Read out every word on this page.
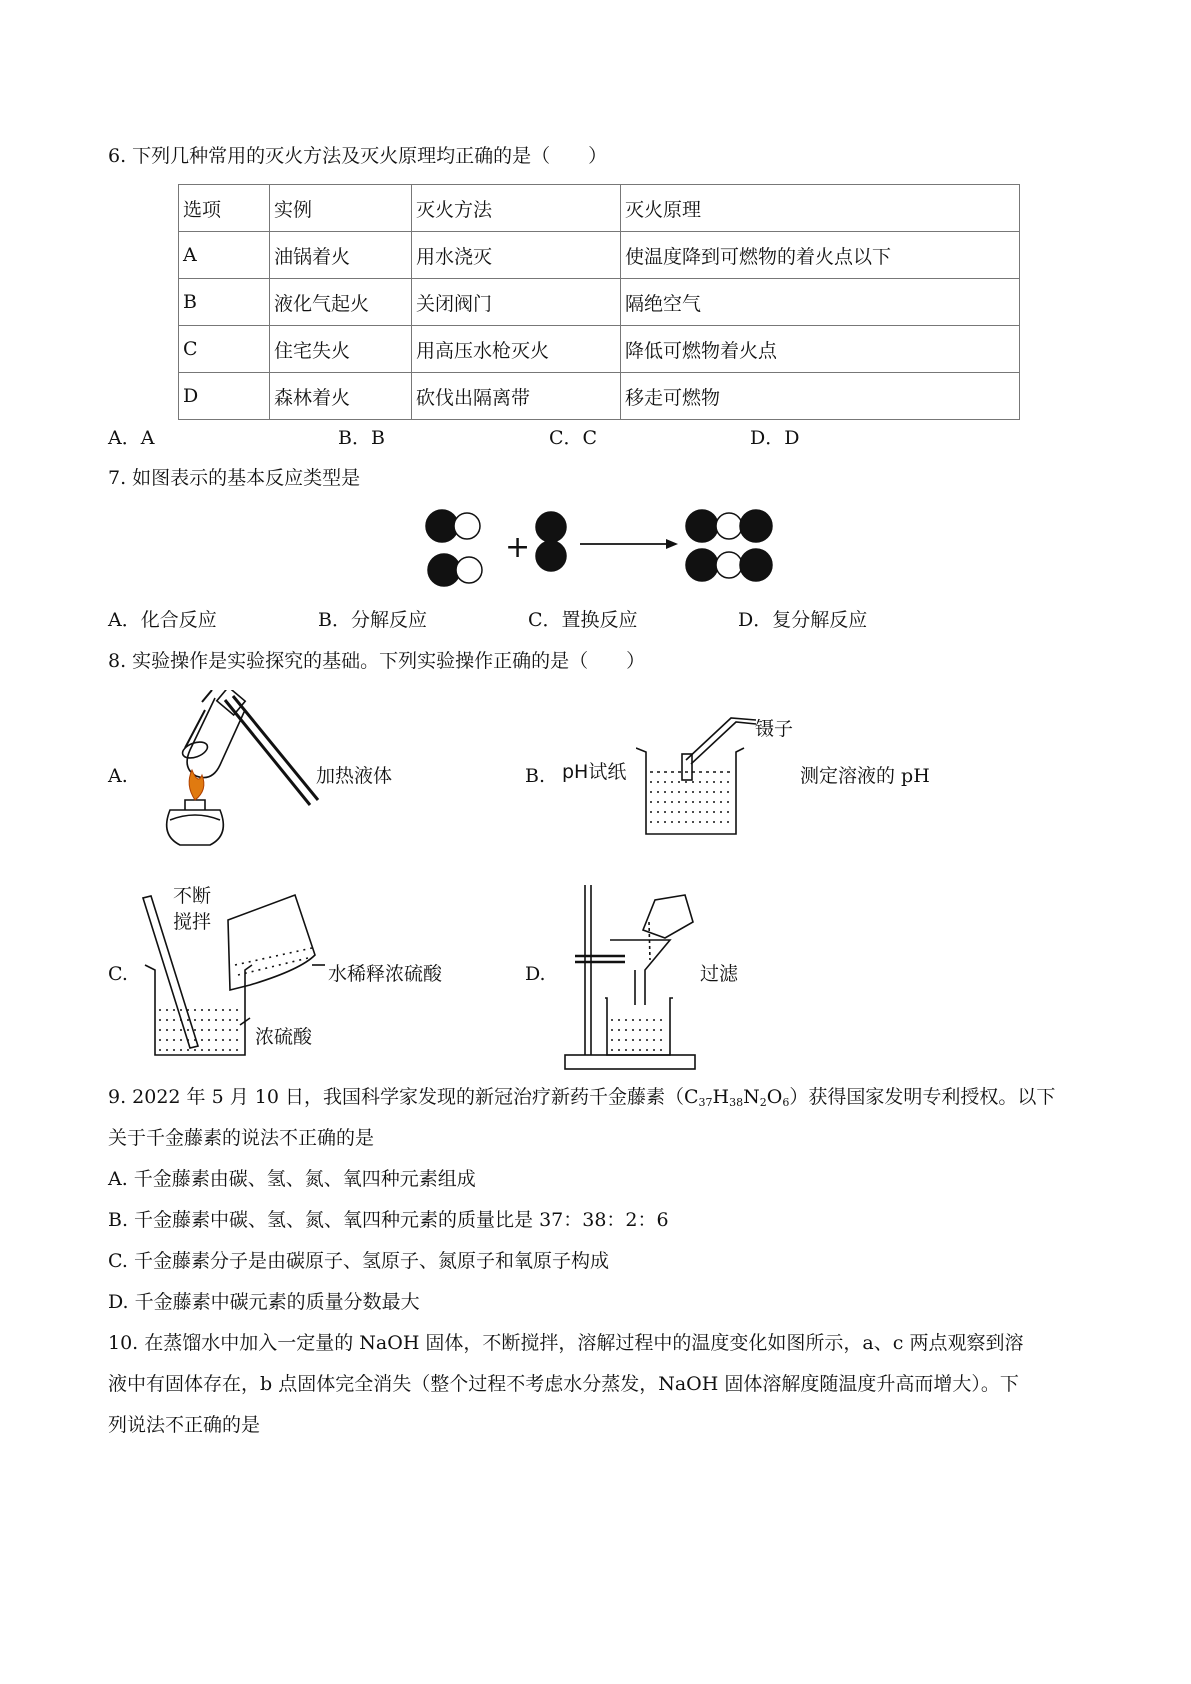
6. 下列几种常用的灭火方法及灭火原理均正确的是（　　）
选项	实例	灭火方法	灭火原理
A	油锅着火	用水浇灭	使温度降到可燃物的着火点以下
B	液化气起火	关闭阀门	隔绝空气
C	住宅失火	用高压水枪灭火	降低可燃物着火点
D	森林着火	砍伐出隔离带	移走可燃物
A．A	B．B	C．C	D．D
7. 如图表示的基本反应类型是
+
A．化合反应	B．分解反应	C．置换反应	D．复分解反应
8. 实验操作是实验探究的基础。下列实验操作正确的是（　　）
A.	加热液体	B. pH试纸
镊子
测定溶液的 pH
C.
不断
搅拌
水稀释浓硫酸
浓硫酸
D.	过滤
9. 2022 年 5 月 10 日，我国科学家发现的新冠治疗新药千金藤素$(C_{37}H_{38}N_2O_6)$获得国家发明专利授权。以下
关于千金藤素的说法不正确的是
A. 千金藤素由碳、氢、氮、氧四种元素组成
B. 千金藤素中碳、氢、氮、氧四种元素的质量比是 37：38：2：6
C. 千金藤素分子是由碳原子、氢原子、氮原子和氧原子构成
D. 千金藤素中碳元素的质量分数最大
10. 在蒸馏水中加入一定量的 NaOH 固体，不断搅拌，溶解过程中的温度变化如图所示，a、c 两点观察到溶
液中有固体存在，b 点固体完全消失（整个过程不考虑水分蒸发，NaOH 固体溶解度随温度升高而增大）。下
列说法不正确的是
